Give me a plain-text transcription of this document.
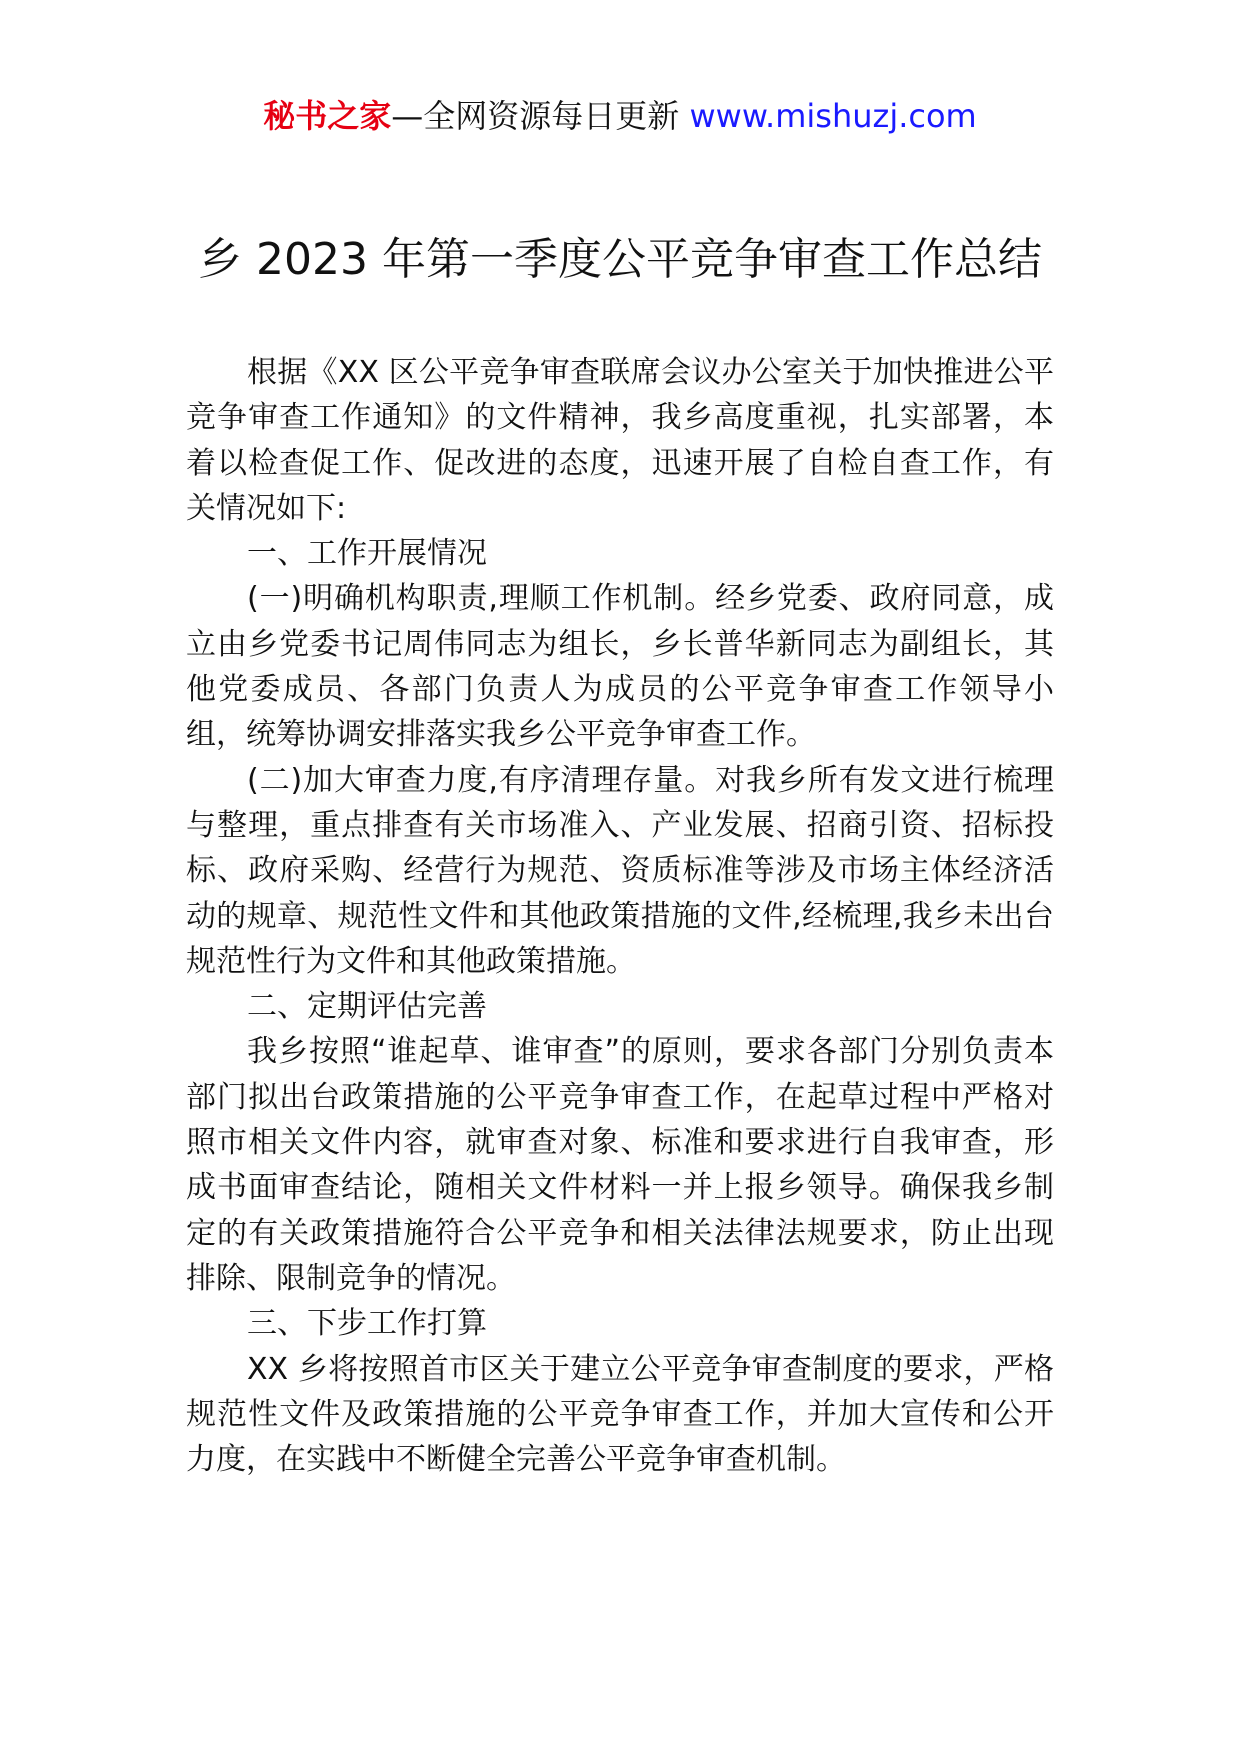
秘书之家—全网资源每日更新 www.mishuzj.com
乡 2023 年第一季度公平竞争审查工作总结

根据《XX 区公平竞争审查联席会议办公室关于加快推进公平竞争审查工作通知》的文件精神，我乡高度重视，扎实部署，本着以检查促工作、促改进的态度，迅速开展了自检自查工作，有关情况如下:

一、工作开展情况

(一)明确机构职责,理顺工作机制。经乡党委、政府同意，成立由乡党委书记周伟同志为组长，乡长普华新同志为副组长，其他党委成员、各部门负责人为成员的公平竞争审查工作领导小组，统筹协调安排落实我乡公平竞争审查工作。

(二)加大审查力度,有序清理存量。对我乡所有发文进行梳理与整理，重点排查有关市场准入、产业发展、招商引资、招标投标、政府采购、经营行为规范、资质标准等涉及市场主体经济活动的规章、规范性文件和其他政策措施的文件,经梳理,我乡未出台规范性行为文件和其他政策措施。

二、定期评估完善

我乡按照“谁起草、谁审查”的原则，要求各部门分别负责本部门拟出台政策措施的公平竞争审查工作，在起草过程中严格对照市相关文件内容，就审查对象、标准和要求进行自我审查，形成书面审查结论，随相关文件材料一并上报乡领导。确保我乡制定的有关政策措施符合公平竞争和相关法律法规要求，防止出现排除、限制竞争的情况。

三、下步工作打算

XX 乡将按照首市区关于建立公平竞争审查制度的要求，严格规范性文件及政策措施的公平竞争审查工作，并加大宣传和公开力度，在实践中不断健全完善公平竞争审查机制。
